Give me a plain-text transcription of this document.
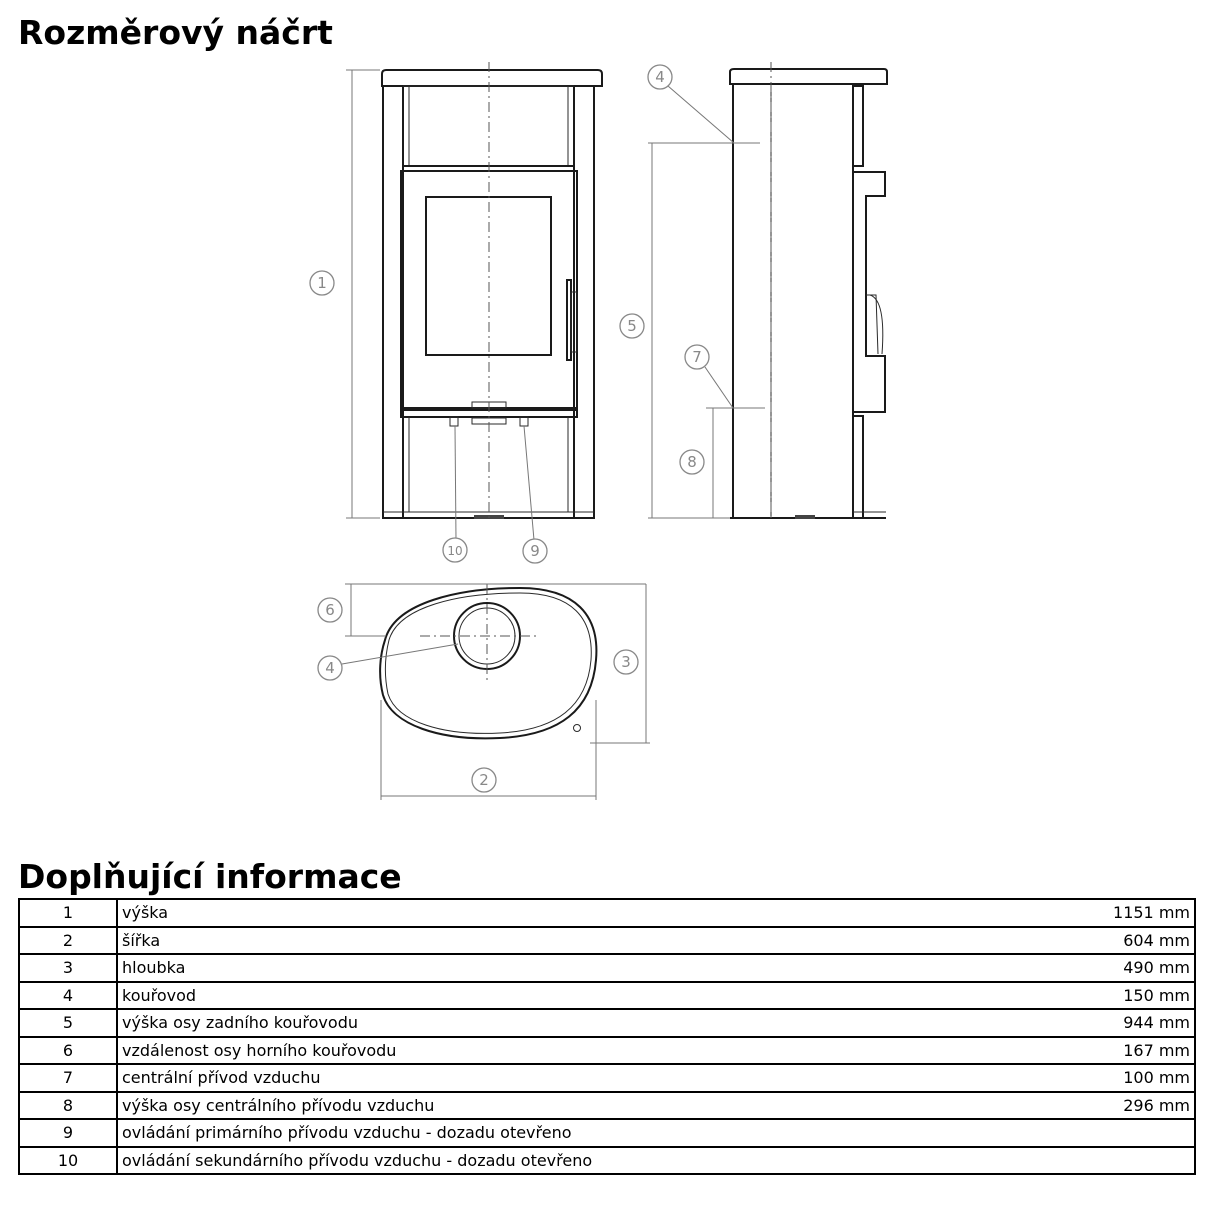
Rozměrový náčrt
1
4
5
7
8
10	9
6
4	3
2
Doplňující informace
1	výška	1151 mm
2	šířka	604 mm
3	hloubka	490 mm
4	kouřovod	150 mm
5	výška osy zadního kouřovodu	944 mm
6	vzdálenost osy horního kouřovodu	167 mm
7	centrální přívod vzduchu	100 mm
8	výška osy centrálního přívodu vzduchu	296 mm
9	ovládání primárního přívodu vzduchu - dozadu otevřeno	
10	ovládání sekundárního přívodu vzduchu - dozadu otevřeno	
